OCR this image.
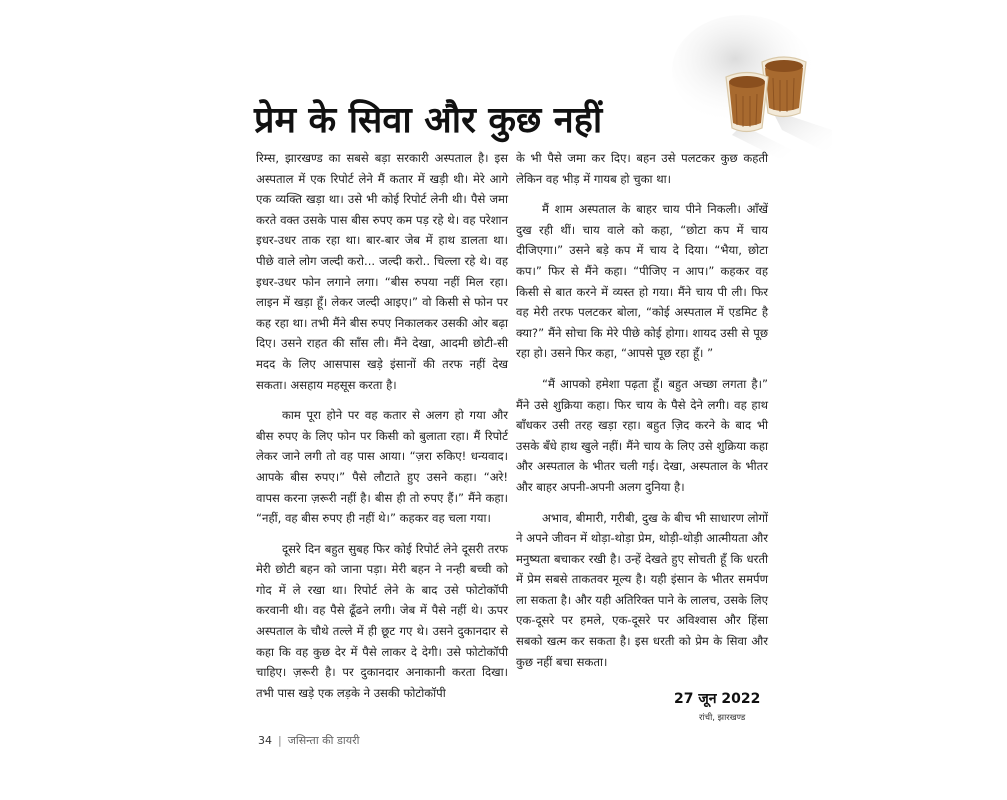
प्रेम के सिवा और कुछ नहीं

रिम्स, झारखण्ड का सबसे बड़ा सरकारी अस्पताल है। इस अस्पताल में एक रिपोर्ट लेने मैं कतार में खड़ी थी। मेरे आगे एक व्यक्ति खड़ा था। उसे भी कोई रिपोर्ट लेनी थी। पैसे जमा करते वक्त उसके पास बीस रुपए कम पड़ रहे थे। वह परेशान इधर-उधर ताक रहा था। बार-बार जेब में हाथ डालता था। पीछे वाले लोग जल्दी करो... जल्दी करो.. चिल्ला रहे थे। वह इधर-उधर फोन लगाने लगा। “बीस रुपया नहीं मिल रहा। लाइन में खड़ा हूँ। लेकर जल्दी आइए।” वो किसी से फोन पर कह रहा था। तभी मैंने बीस रुपए निकालकर उसकी ओर बढ़ा दिए। उसने राहत की साँस ली। मैंने देखा, आदमी छोटी-सी मदद के लिए आसपास खड़े इंसानों की तरफ नहीं देख सकता। असहाय महसूस करता है।

काम पूरा होने पर वह कतार से अलग हो गया और बीस रुपए के लिए फोन पर किसी को बुलाता रहा। मैं रिपोर्ट लेकर जाने लगी तो वह पास आया। “ज़रा रुकिए! धन्यवाद। आपके बीस रुपए।” पैसे लौटाते हुए उसने कहा। “अरे! वापस करना ज़रूरी नहीं है। बीस ही तो रुपए हैं।” मैंने कहा। “नहीं, वह बीस रुपए ही नहीं थे।” कहकर वह चला गया।

दूसरे दिन बहुत सुबह फिर कोई रिपोर्ट लेने दूसरी तरफ मेरी छोटी बहन को जाना पड़ा। मेरी बहन ने नन्ही बच्ची को गोद में ले रखा था। रिपोर्ट लेने के बाद उसे फोटोकॉपी करवानी थी। वह पैसे ढूँढने लगी। जेब में पैसे नहीं थे। ऊपर अस्पताल के चौथे तल्ले में ही छूट गए थे। उसने दुकानदार से कहा कि वह कुछ देर में पैसे लाकर दे देगी। उसे फोटोकॉपी चाहिए। ज़रूरी है। पर दुकानदार अनाकानी करता दिखा। तभी पास खड़े एक लड़के ने उसकी फोटोकॉपी

के भी पैसे जमा कर दिए। बहन उसे पलटकर कुछ कहती लेकिन वह भीड़ में गायब हो चुका था।

मैं शाम अस्पताल के बाहर चाय पीने निकली। आँखें दुख रही थीं। चाय वाले को कहा, “छोटा कप में चाय दीजिएगा।” उसने बड़े कप में चाय दे दिया। “भैया, छोटा कप।” फिर से मैंने कहा। “पीजिए न आप।” कहकर वह किसी से बात करने में व्यस्त हो गया। मैंने चाय पी ली। फिर वह मेरी तरफ पलटकर बोला, “कोई अस्पताल में एडमिट है क्या?” मैंने सोचा कि मेरे पीछे कोई होगा। शायद उसी से पूछ रहा हो। उसने फिर कहा, “आपसे पूछ रहा हूँ। ”

“मैं आपको हमेशा पढ़ता हूँ। बहुत अच्छा लगता है।” मैंने उसे शुक्रिया कहा। फिर चाय के पैसे देने लगी। वह हाथ बाँधकर उसी तरह खड़ा रहा। बहुत ज़िद करने के बाद भी उसके बँधे हाथ खुले नहीं। मैंने चाय के लिए उसे शुक्रिया कहा और अस्पताल के भीतर चली गई। देखा, अस्पताल के भीतर और बाहर अपनी-अपनी अलग दुनिया है।

अभाव, बीमारी, गरीबी, दुख के बीच भी साधारण लोगों ने अपने जीवन में थोड़ा-थोड़ा प्रेम, थोड़ी-थोड़ी आत्मीयता और मनुष्यता बचाकर रखी है। उन्हें देखते हुए सोचती हूँ कि धरती में प्रेम सबसे ताकतवर मूल्य है। यही इंसान के भीतर समर्पण ला सकता है। और यही अतिरिक्त पाने के लालच, उसके लिए एक-दूसरे पर हमले, एक-दूसरे पर अविश्वास और हिंसा सबको खत्म कर सकता है। इस धरती को प्रेम के सिवा और कुछ नहीं बचा सकता।

27 जून 2022
रांची, झारखण्ड
34 | जसिन्ता की डायरी
